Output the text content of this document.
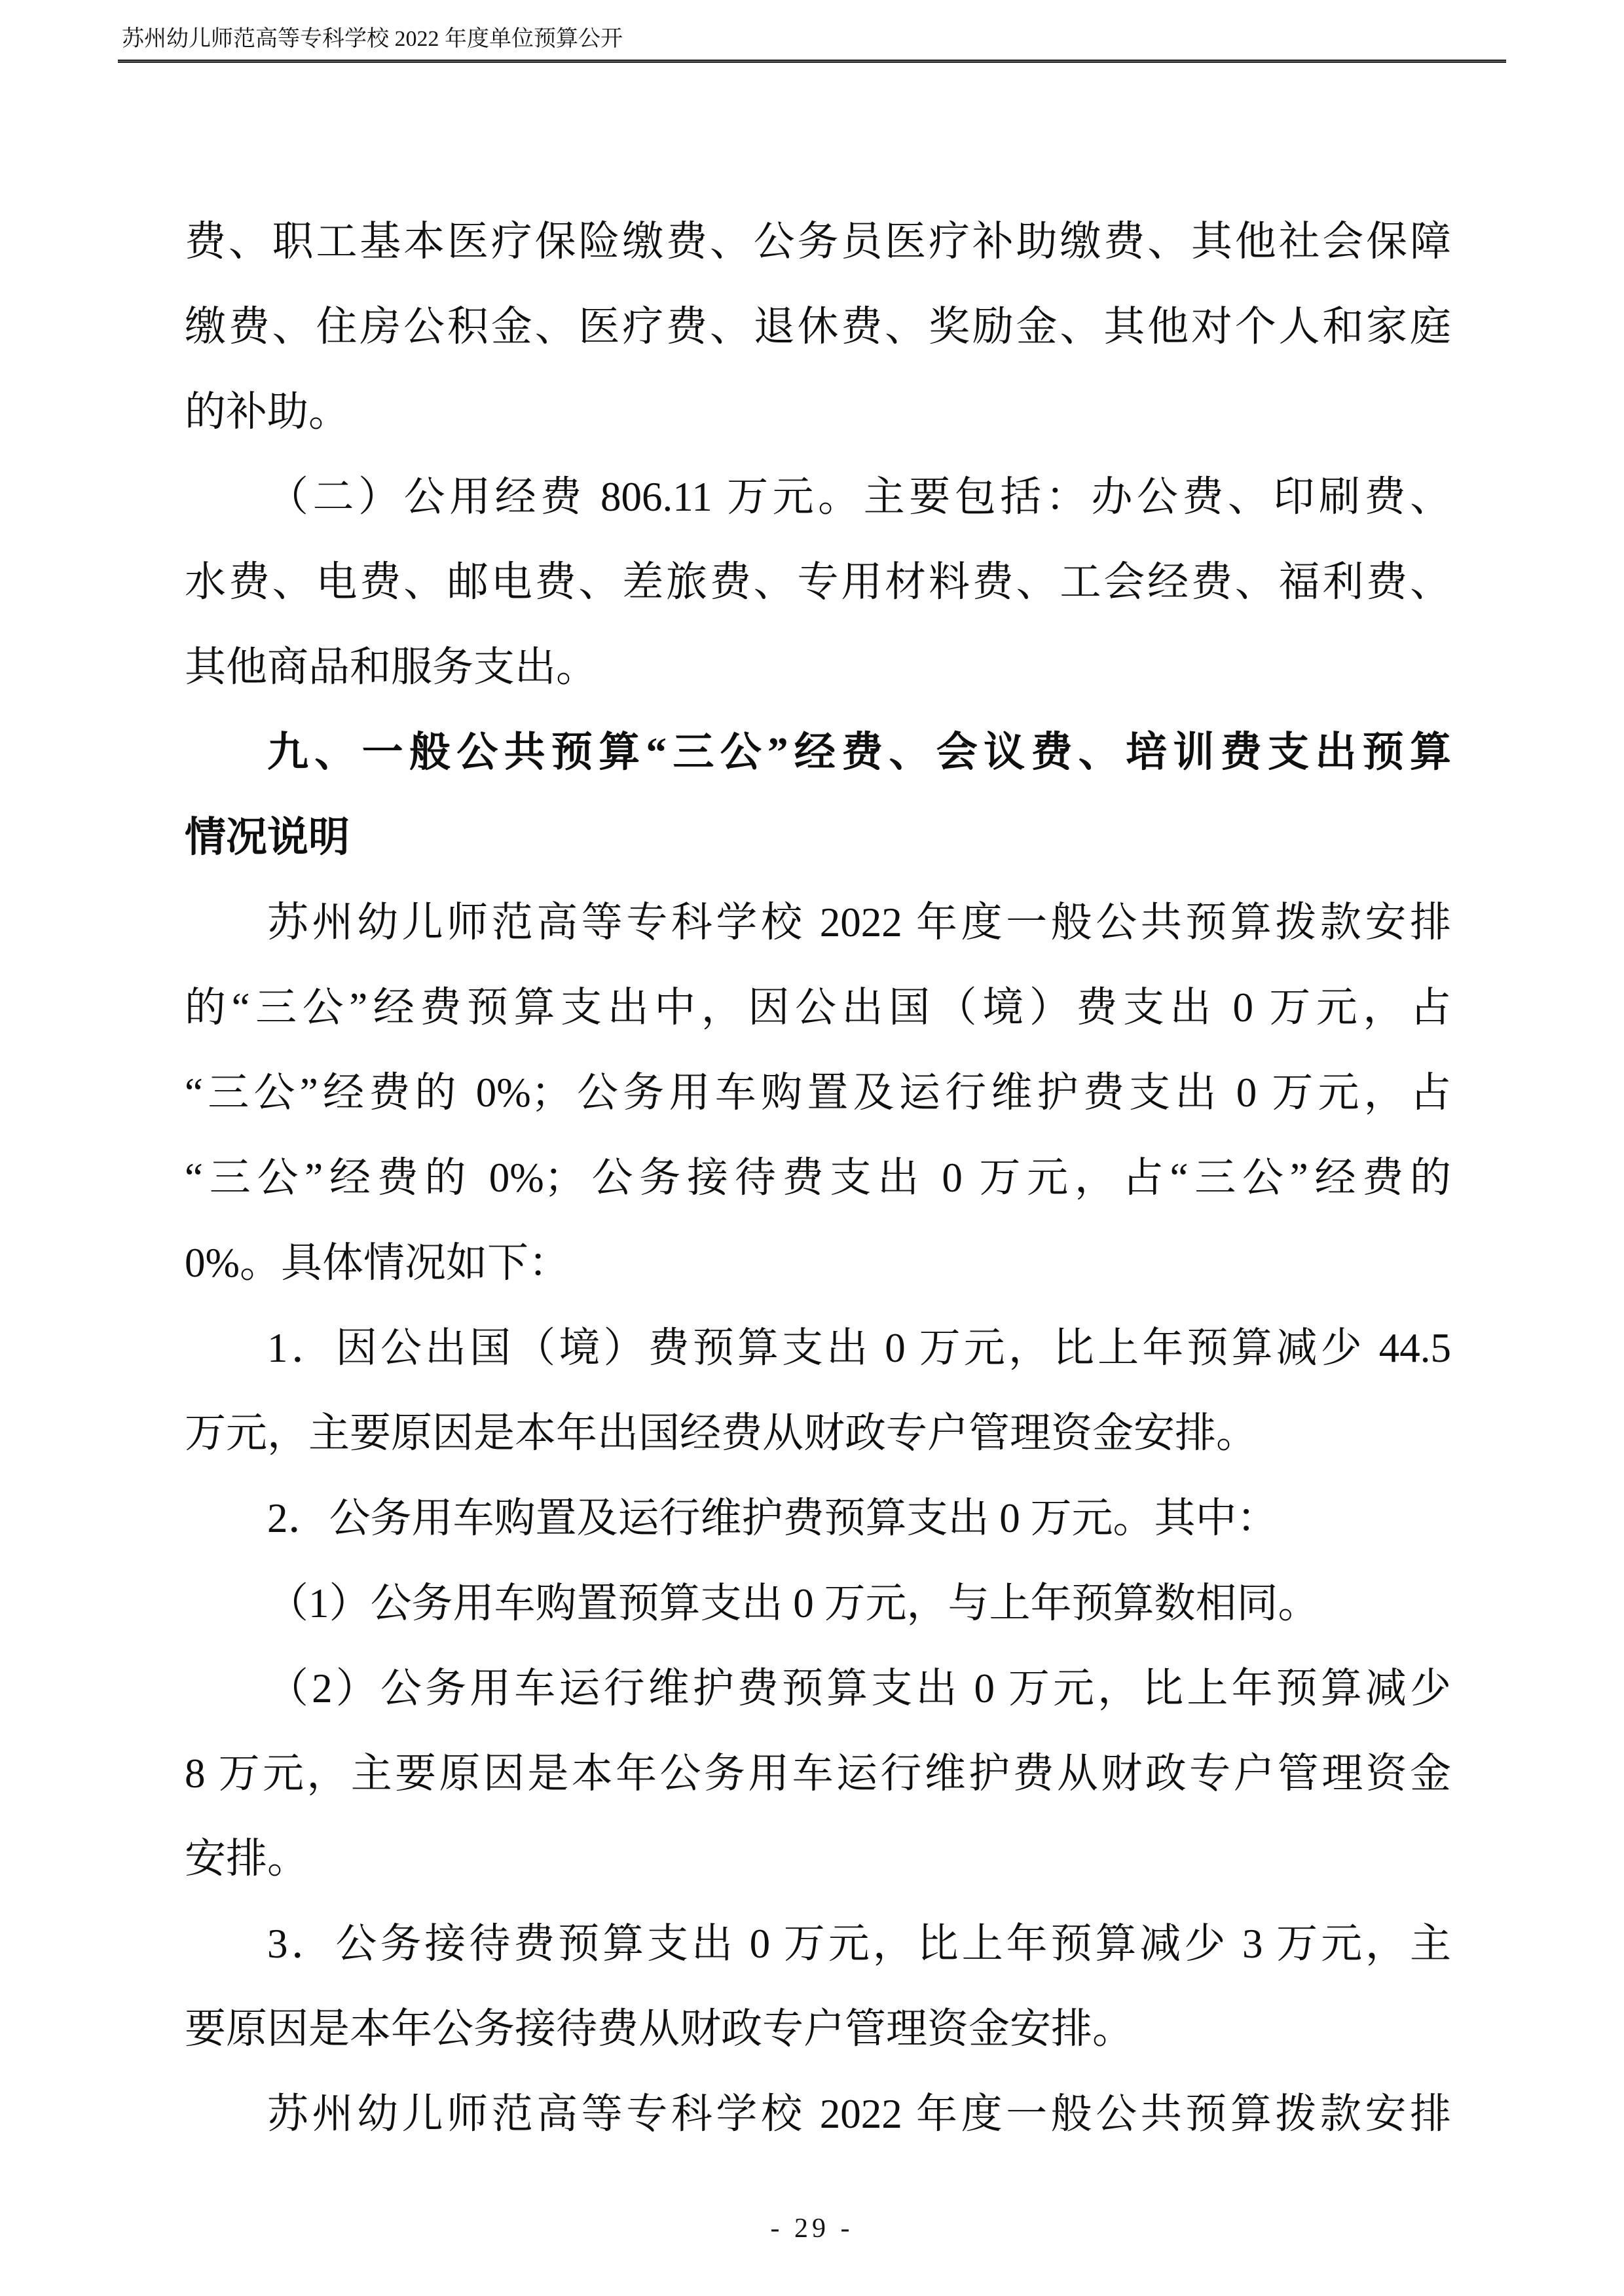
苏州幼儿师范高等专科学校 2022 年度单位预算公开
费、职工基本医疗保险缴费、公务员医疗补助缴费、其他社会保障
缴费、住房公积金、医疗费、退休费、奖励金、其他对个人和家庭
的补助。
（二）公用经费 806.11 万元。主要包括：办公费、印刷费、
水费、电费、邮电费、差旅费、专用材料费、工会经费、福利费、
其他商品和服务支出。
九、一般公共预算“三公”经费、会议费、培训费支出预算
情况说明
苏州幼儿师范高等专科学校 2022 年度一般公共预算拨款安排
的“三公”经费预算支出中，因公出国（境）费支出 0 万元，占
“三公”经费的 0%；公务用车购置及运行维护费支出 0 万元，占
“三公”经费的 0%；公务接待费支出 0 万元，占“三公”经费的
0%。具体情况如下：
1．因公出国（境）费预算支出 0 万元，比上年预算减少 44.5
万元，主要原因是本年出国经费从财政专户管理资金安排。
2．公务用车购置及运行维护费预算支出 0 万元。其中：
（1）公务用车购置预算支出 0 万元，与上年预算数相同。
（2）公务用车运行维护费预算支出 0 万元，比上年预算减少
8 万元，主要原因是本年公务用车运行维护费从财政专户管理资金
安排。
3．公务接待费预算支出 0 万元，比上年预算减少 3 万元，主
要原因是本年公务接待费从财政专户管理资金安排。
苏州幼儿师范高等专科学校 2022 年度一般公共预算拨款安排
- 29 -
